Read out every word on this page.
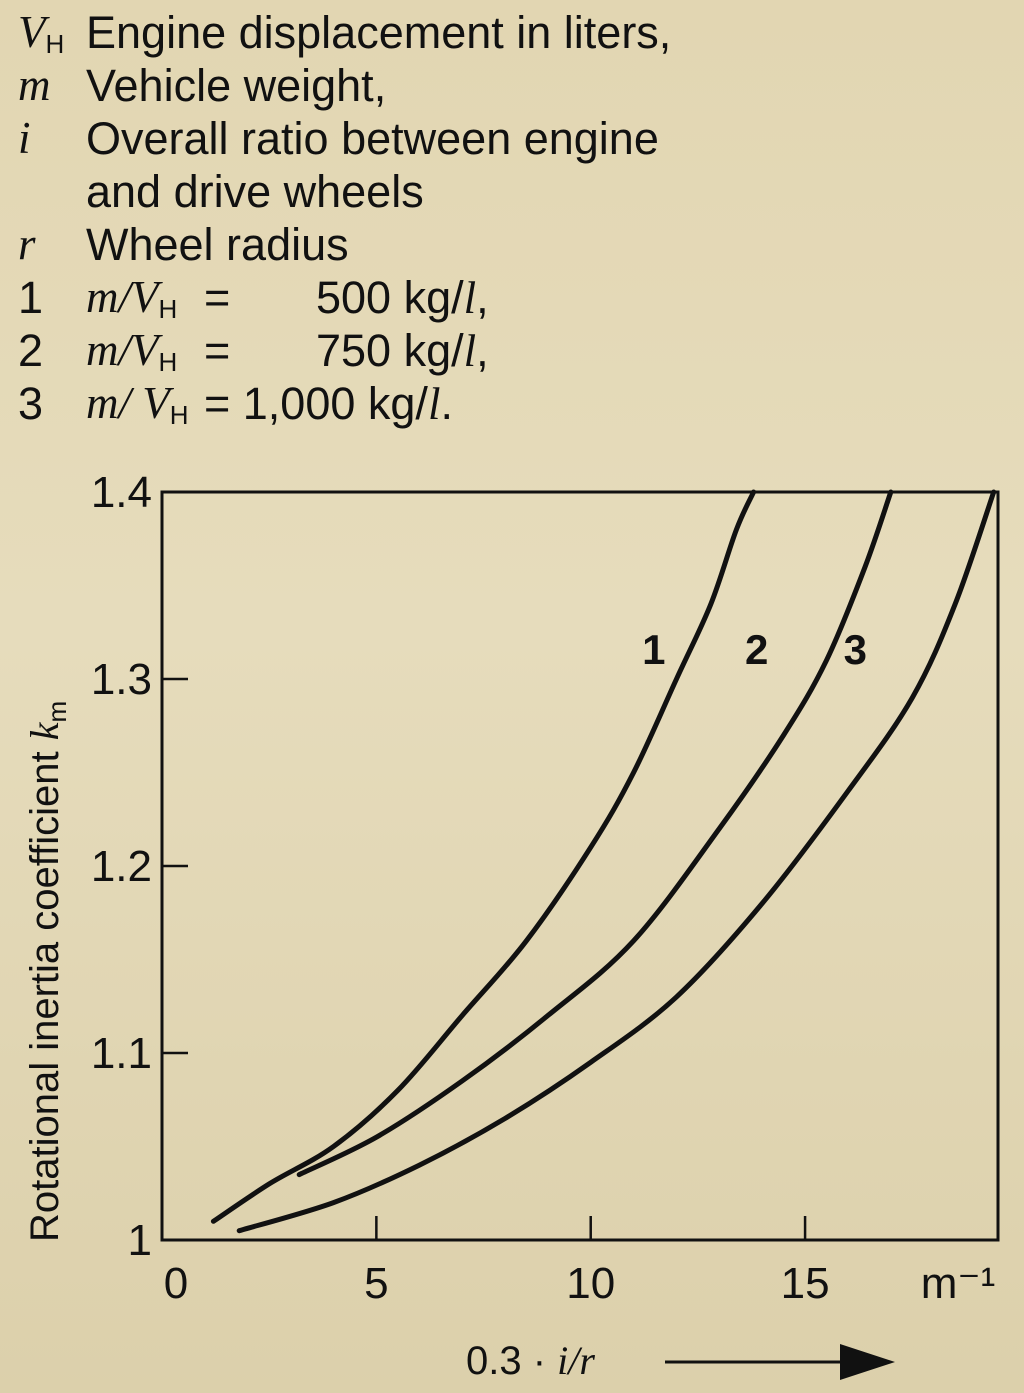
$V_H$ Engine displacement in liters,
m Vehicle weight,
i Overall ratio between engine
and drive wheels
r Wheel radius
1 $m/V_H = 500$ kg/l,
2 $m/V_H = 750$ kg/l,
3 m/ $V_H = 1,000$ kg/l.
1
1.1
1.2
1.3
1.4
0	5	10	15 m⁻¹
0.3 · i/r
Rotational inertia coefficient $k_m$
1 2 3
